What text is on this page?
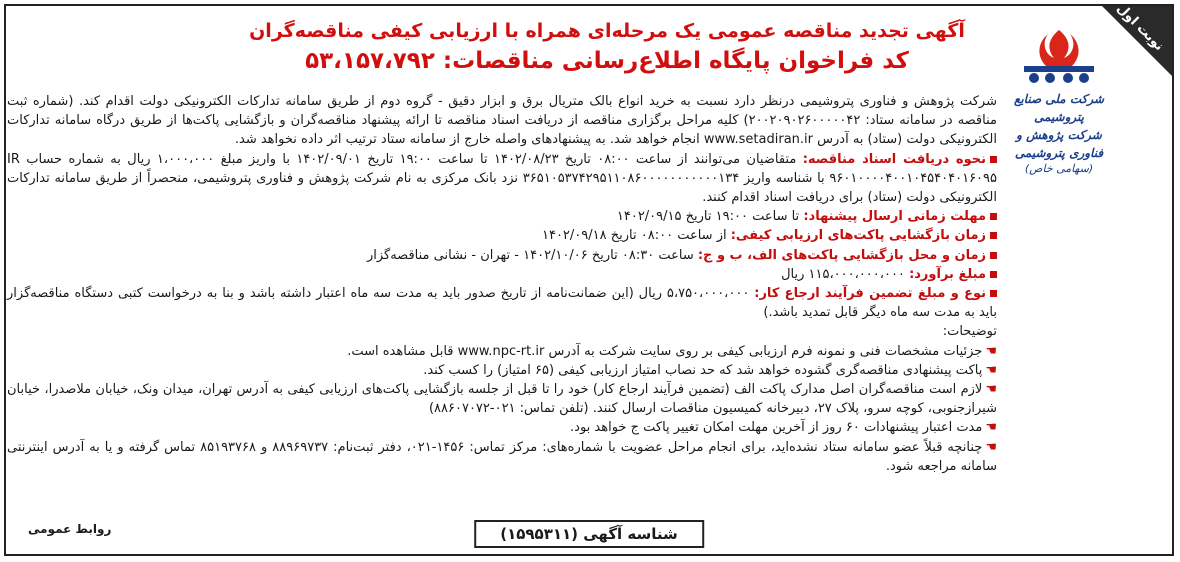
نوبت اول
شرکت ملی صنایع پتروشیمی
شرکت پژوهش و فناوری پتروشیمی
(سهامی خاص)
آگهی تجدید مناقصه عمومی یک مرحله‌ای همراه با ارزیابی کیفی مناقصه‌گران
کد فراخوان پایگاه اطلاع‌رسانی مناقصات: ۵۳،۱۵۷،۷۹۲

شرکت پژوهش و فناوری پتروشیمی درنظر دارد نسبت به خرید انواع بالک متریال برق و ابزار دقیق - گروه دوم از طریق سامانه تدارکات الکترونیکی دولت اقدام کند. (شماره ثبت مناقصه در سامانه ستاد: ۲۰۰۲۰۹۰۲۶۰۰۰۰۰۴۲) کلیه مراحل برگزاری مناقصه از دریافت اسناد مناقصه تا ارائه پیشنهاد مناقصه‌گران و بازگشایی پاکت‌ها از طریق درگاه سامانه تدارکات الکترونیکی دولت (ستاد) به آدرس www.setadiran.ir انجام خواهد شد. به پیشنهادهای واصله خارج از سامانه ستاد ترتیب اثر داده نخواهد شد.

نحوه دریافت اسناد مناقصه: متقاضیان می‌توانند از ساعت ۰۸:۰۰ تاریخ ۱۴۰۲/۰۸/۲۳ تا ساعت ۱۹:۰۰ تاریخ ۱۴۰۲/۰۹/۰۱ با واریز مبلغ ۱،۰۰۰،۰۰۰ ریال به شماره حساب IR ۹۶۰۱۰۰۰۰۴۰۰۱۰۴۵۴۰۴۰۱۶۰۹۵ با شناسه واریز ۳۶۵۱۰۵۳۷۴۲۹۵۱۱۰۸۶۰۰۰۰۰۰۰۰۰۰۰۱۳۴ نزد بانک مرکزی به نام شرکت پژوهش و فناوری پتروشیمی، منحصراً از طریق سامانه تدارکات الکترونیکی دولت (ستاد) برای دریافت اسناد اقدام کنند.

مهلت زمانی ارسال پیشنهاد: تا ساعت ۱۹:۰۰ تاریخ ۱۴۰۲/۰۹/۱۵

زمان بازگشایی پاکت‌های ارزیابی کیفی: از ساعت ۰۸:۰۰ تاریخ ۱۴۰۲/۰۹/۱۸

زمان و محل بازگشایی پاکت‌های الف، ب و ج: ساعت ۰۸:۳۰ تاریخ ۱۴۰۲/۱۰/۰۶ - تهران - نشانی مناقصه‌گزار

مبلغ برآورد: ۱۱۵،۰۰۰،۰۰۰،۰۰۰ ریال

نوع و مبلغ تضمین فرآیند ارجاع کار: ۵،۷۵۰،۰۰۰،۰۰۰ ریال (این ضمانت‌نامه از تاریخ صدور باید به مدت سه ماه اعتبار داشته باشد و بنا به درخواست کتبی دستگاه مناقصه‌گزار باید به مدت سه ماه دیگر قابل تمدید باشد.)

توضیحات:

☚جزئیات مشخصات فنی و نمونه فرم ارزیابی کیفی بر روی سایت شرکت به آدرس www.npc-rt.ir قابل مشاهده است.

☚پاکت پیشنهادی مناقصه‌گری گشوده خواهد شد که حد نصاب امتیاز ارزیابی کیفی (۶۵ امتیاز) را کسب کند.

☚لازم است مناقصه‌گران اصل مدارک پاکت الف (تضمین فرآیند ارجاع کار) خود را تا قبل از جلسه بازگشایی پاکت‌های ارزیابی کیفی به آدرس تهران، میدان ونک، خیابان ملاصدرا، خیابان شیرازجنوبی، کوچه سرو، پلاک ۲۷، دبیرخانه کمیسیون مناقصات ارسال کنند. (تلفن تماس: ۰۲۱-۸۸۶۰۷۰۷۲)

☚مدت اعتبار پیشنهادات ۶۰ روز از آخرین مهلت امکان تغییر پاکت ج خواهد بود.

☚چنانچه قبلاً عضو سامانه ستاد نشده‌اید، برای انجام مراحل عضویت با شماره‌های: مرکز تماس: ۱۴۵۶-۰۲۱، دفتر ثبت‌نام: ۸۸۹۶۹۷۳۷ و ۸۵۱۹۳۷۶۸ تماس گرفته و یا به آدرس اینترنتی سامانه مراجعه شود.

روابط عمومی	شناسه آگهی (۱۵۹۵۳۱۱)
